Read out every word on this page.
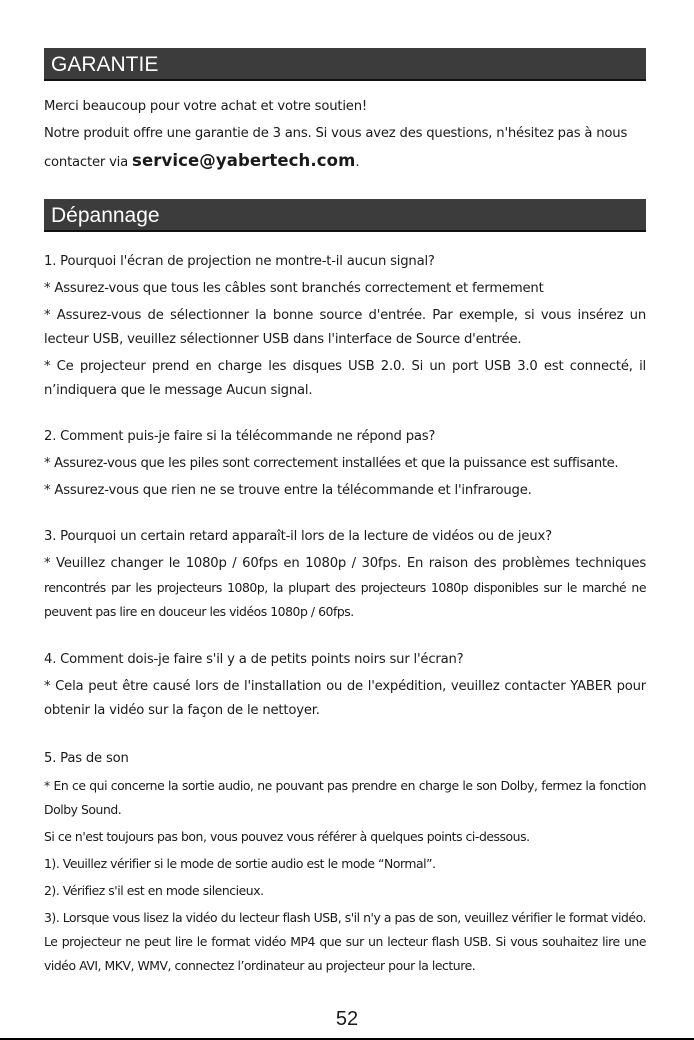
GARANTIE

Merci beaucoup pour votre achat et votre soutien!

Notre produit offre une garantie de 3 ans. Si vous avez des questions, n'hésitez pas à nous

contacter via service@yabertech.com.

Dépannage

1. Pourquoi l'écran de projection ne montre-t-il aucun signal?

* Assurez-vous que tous les câbles sont branchés correctement et fermement

* Assurez-vous de sélectionner la bonne source d'entrée. Par exemple, si vous insérez un lecteur USB, veuillez sélectionner USB dans l'interface de Source d'entrée.

* Ce projecteur prend en charge les disques USB 2.0. Si un port USB 3.0 est connecté, il n’indiquera que le message Aucun signal.

2. Comment puis-je faire si la télécommande ne répond pas?

* Assurez-vous que les piles sont correctement installées et que la puissance est suffisante.

* Assurez-vous que rien ne se trouve entre la télécommande et l'infrarouge.

3. Pourquoi un certain retard apparaît-il lors de la lecture de vidéos ou de jeux?

* Veuillez changer le 1080p / 60fps en 1080p / 30fps. En raison des problèmes techniques

rencontrés par les projecteurs 1080p, la plupart des projecteurs 1080p disponibles sur le marché ne peuvent pas lire en douceur les vidéos 1080p / 60fps.

4. Comment dois-je faire s'il y a de petits points noirs sur l'écran?

* Cela peut être causé lors de l'installation ou de l'expédition, veuillez contacter YABER pour obtenir la vidéo sur la façon de le nettoyer.

5. Pas de son

* En ce qui concerne la sortie audio, ne pouvant pas prendre en charge le son Dolby, fermez la fonction Dolby Sound.

Si ce n'est toujours pas bon, vous pouvez vous référer à quelques points ci-dessous.

1). Veuillez vérifier si le mode de sortie audio est le mode “Normal”.

2). Vérifiez s'il est en mode silencieux.

3). Lorsque vous lisez la vidéo du lecteur flash USB, s'il n'y a pas de son, veuillez vérifier le format vidéo. Le projecteur ne peut lire le format vidéo MP4 que sur un lecteur flash USB. Si vous souhaitez lire une vidéo AVI, MKV, WMV, connectez l’ordinateur au projecteur pour la lecture.

52
